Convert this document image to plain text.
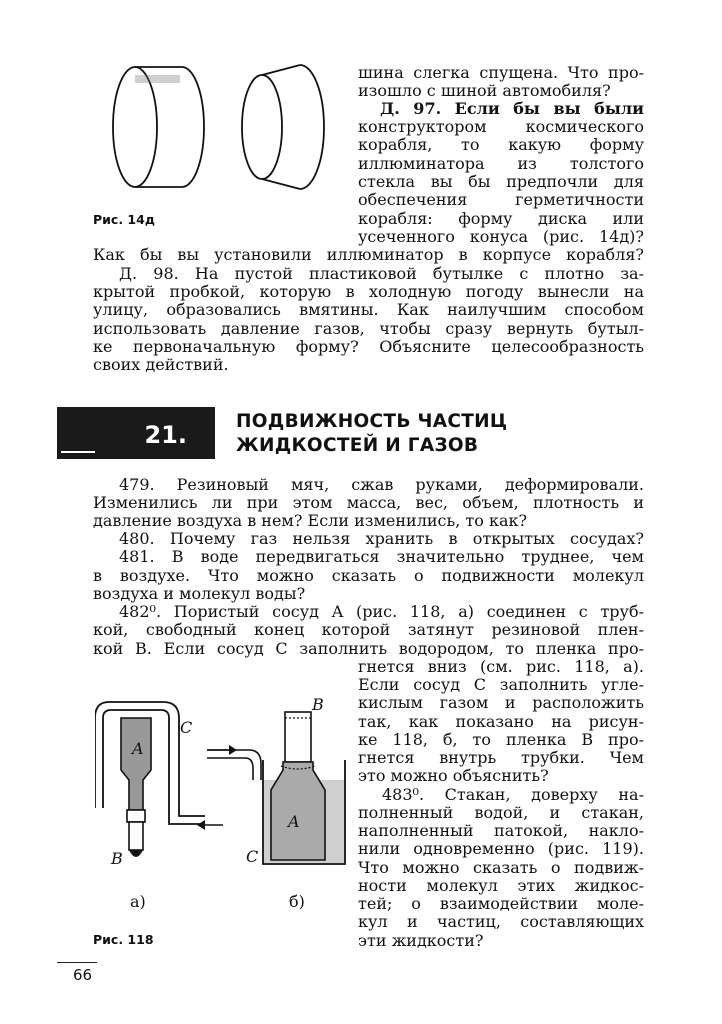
Рис. 14д
шина слегка спущена. Что про-
изошло с шиной автомобиля?
Д. 97. Если бы вы были
конструктором космического
корабля, то какую форму
иллюминатора из толстого
стекла вы бы предпочли для
обеспечения герметичности
корабля: форму диска или
усеченного конуса (рис. 14д)?
Как бы вы установили иллюминатор в корпусе корабля?
Д. 98. На пустой пластиковой бутылке с плотно за-
крытой пробкой, которую в холодную погоду вынесли на
улицу, образовались вмятины. Как наилучшим способом
использовать давление газов, чтобы сразу вернуть бутыл-
ке первоначальную форму? Объясните целесообразность
своих действий.
21.	ПОДВИЖНОСТЬ ЧАСТИЦ
ЖИДКОСТЕЙ И ГАЗОВ
479. Резиновый мяч, сжав руками, деформировали.
Изменились ли при этом масса, вес, объем, плотность и
давление воздуха в нем? Если изменились, то как?
480. Почему газ нельзя хранить в открытых сосудах?
481. В воде передвигаться значительно труднее, чем
в воздухе. Что можно сказать о подвижности молекул
воздуха и молекул воды?
482⁰. Пористый сосуд A (рис. 118, а) соединен с труб-
кой, свободный конец которой затянут резиновой плен-
кой B. Если сосуд C заполнить водородом, то пленка про-
гнется вниз (см. рис. 118, а).
Если сосуд C заполнить угле-
кислым газом и расположить
так, как показано на рисун-
ке 118, б, то пленка B про-
гнется внутрь трубки. Чем
это можно объяснить?
483⁰. Стакан, доверху на-
полненный водой, и стакан,
наполненный патокой, накло-
нили одновременно (рис. 119).
Что можно сказать о подвиж-
ности молекул этих жидкос-
тей; о взаимодействии моле-
кул и частиц, составляющих
эти жидкости?
A
C
B
B
A
C
а)	б)
Рис. 118
66
